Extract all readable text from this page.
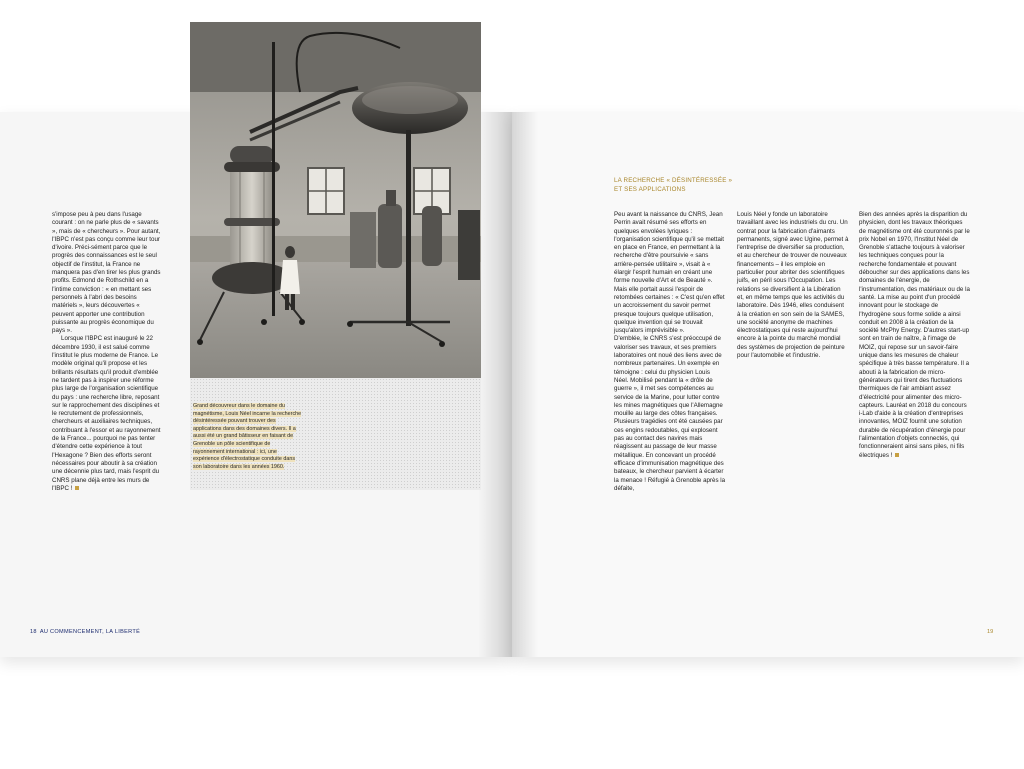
s'impose peu à peu dans l'usage courant : on ne parle plus de « savants », mais de « chercheurs ». Pour autant, l'IBPC n'est pas conçu comme leur tour d'ivoire. Préci-sément parce que le progrès des connaissances est le seul objectif de l'institut, la France ne manquera pas d'en tirer les plus grands profits. Edmond de Rothschild en a l'intime conviction : « en mettant ses personnels à l'abri des besoins matériels », leurs découvertes « peuvent apporter une contribution puissante au progrès économique du pays ».

Lorsque l'IBPC est inauguré le 22 décembre 1930, il est salué comme l'institut le plus moderne de France. Le modèle original qu'il propose et les brillants résultats qu'il produit d'emblée ne tardent pas à inspirer une réforme plus large de l'organisation scientifique du pays : une recherche libre, reposant sur le rapprochement des disciplines et le recrutement de professionnels, chercheurs et auxiliaires techniques, contribuant à l'essor et au rayonnement de la France... pourquoi ne pas tenter d'étendre cette expérience à tout l'Hexagone ? Bien des efforts seront nécessaires pour aboutir à sa création une décennie plus tard, mais l'esprit du CNRS plane déjà entre les murs de l'IBPC !

Grand découvreur dans le domaine du magnétisme, Louis Néel incarne la recherche désintéressée pouvant trouver des applications dans des domaines divers. Il a aussi été un grand bâtisseur en faisant de Grenoble un pôle scientifique de rayonnement international : ici, une expérience d'électrostatique conduite dans son laboratoire dans les années 1960.
LA RECHERCHE « DÉSINTÉRESSÉE »
ET SES APPLICATIONS

Peu avant la naissance du CNRS, Jean Perrin avait résumé ses efforts en quelques envolées lyriques : l'organisation scientifique qu'il se mettait en place en France, en permettant à la recherche d'être poursuivie « sans arrière-pensée utilitaire », visait à « élargir l'esprit humain en créant une forme nouvelle d'Art et de Beauté ». Mais elle portait aussi l'espoir de retombées certaines : « C'est qu'en effet un accroissement du savoir permet presque toujours quelque utilisation, quelque invention qui se trouvait jusqu'alors imprévisible ».

D'emblée, le CNRS s'est préoccupé de valoriser ses travaux, et ses premiers laboratoires ont noué des liens avec de nombreux partenaires. Un exemple en témoigne : celui du physicien Louis Néel. Mobilisé pendant la « drôle de guerre », il met ses compétences au service de la Marine, pour lutter contre les mines magnétiques que l'Allemagne mouille au large des côtes françaises. Plusieurs tragédies ont été causées par ces engins redoutables, qui explosent pas au contact des navires mais réagissent au passage de leur masse métallique. En concevant un procédé efficace d'immunisation magnétique des bateaux, le chercheur parvient à écarter la menace ! Réfugié à Grenoble après la défaite,

Louis Néel y fonde un laboratoire travaillant avec les industriels du cru. Un contrat pour la fabrication d'aimants permanents, signé avec Ugine, permet à l'entreprise de diversifier sa production, et au chercheur de trouver de nouveaux financements – il les emploie en particulier pour abriter des scientifiques juifs, en péril sous l'Occupation. Les relations se diversifient à la Libération et, en même temps que les activités du laboratoire. Dès 1946, elles conduisent à la création en son sein de la SAMES, une société anonyme de machines électrostatiques qui reste aujourd'hui encore à la pointe du marché mondial des systèmes de projection de peinture pour l'automobile et l'industrie.

Bien des années après la disparition du physicien, dont les travaux théoriques de magnétisme ont été couronnés par le prix Nobel en 1970, l'Institut Néel de Grenoble s'attache toujours à valoriser les techniques conçues pour la recherche fondamentale et pouvant déboucher sur des applications dans les domaines de l'énergie, de l'instrumentation, des matériaux ou de la santé. La mise au point d'un procédé innovant pour le stockage de l'hydrogène sous forme solide a ainsi conduit en 2008 à la création de la société McPhy Energy. D'autres start-up sont en train de naître, à l'image de MOIZ, qui repose sur un savoir-faire unique dans les mesures de chaleur spécifique à très basse température. Il a abouti à la fabrication de micro-générateurs qui tirent des fluctuations thermiques de l'air ambiant assez d'électricité pour alimenter des micro-capteurs. Lauréat en 2018 du concours i-Lab d'aide à la création d'entreprises innovantes, MOIZ fournit une solution durable de récupération d'énergie pour l'alimentation d'objets connectés, qui fonctionneraient ainsi sans piles, ni fils électriques !

18 AU COMMENCEMENT, LA LIBERTÉ	19
